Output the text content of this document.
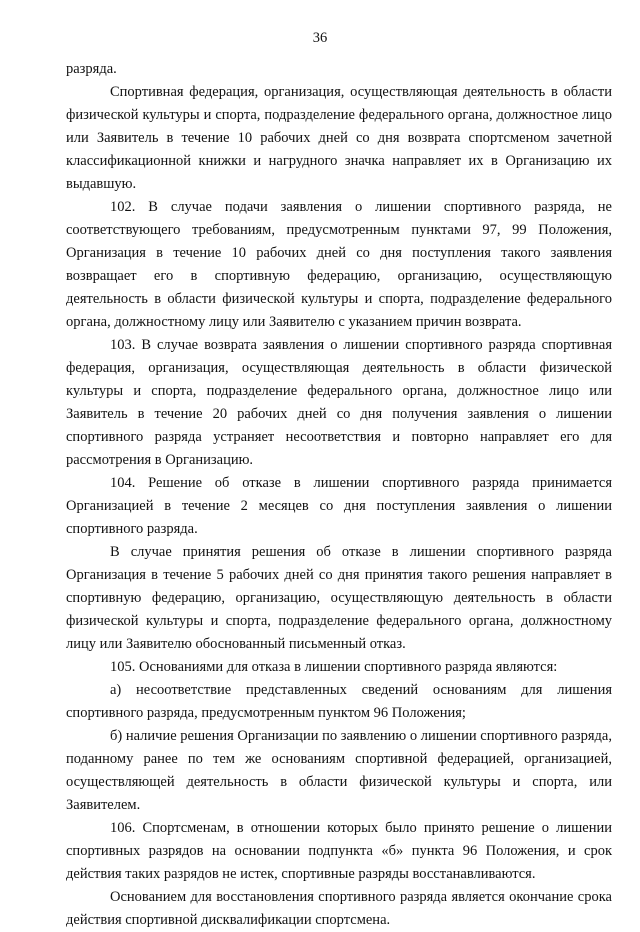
36

разряда.

Спортивная федерация, организация, осуществляющая деятельность в области физической культуры и спорта, подразделение федерального органа, должностное лицо или Заявитель в течение 10 рабочих дней со дня возврата спортсменом зачетной классификационной книжки и нагрудного значка направляет их в Организацию их выдавшую.

102. В случае подачи заявления о лишении спортивного разряда, не соответствующего требованиям, предусмотренным пунктами 97, 99 Положения, Организация в течение 10 рабочих дней со дня поступления такого заявления возвращает его в спортивную федерацию, организацию, осуществляющую деятельность в области физической культуры и спорта, подразделение федерального органа, должностному лицу или Заявителю с указанием причин возврата.

103. В случае возврата заявления о лишении спортивного разряда спортивная федерация, организация, осуществляющая деятельность в области физической культуры и спорта, подразделение федерального органа, должностное лицо или Заявитель в течение 20 рабочих дней со дня получения заявления о лишении спортивного разряда устраняет несоответствия и повторно направляет его для рассмотрения в Организацию.

104. Решение об отказе в лишении спортивного разряда принимается Организацией в течение 2 месяцев со дня поступления заявления о лишении спортивного разряда.

В случае принятия решения об отказе в лишении спортивного разряда Организация в течение 5 рабочих дней со дня принятия такого решения направляет в спортивную федерацию, организацию, осуществляющую деятельность в области физической культуры и спорта, подразделение федерального органа, должностному лицу или Заявителю обоснованный письменный отказ.

105. Основаниями для отказа в лишении спортивного разряда являются:

а) несоответствие представленных сведений основаниям для лишения спортивного разряда, предусмотренным пунктом 96 Положения;

б) наличие решения Организации по заявлению о лишении спортивного разряда, поданному ранее по тем же основаниям спортивной федерацией, организацией, осуществляющей деятельность в области физической культуры и спорта, или Заявителем.

106. Спортсменам, в отношении которых было принято решение о лишении спортивных разрядов на основании подпункта «б» пункта 96 Положения, и срок действия таких разрядов не истек, спортивные разряды восстанавливаются.

Основанием для восстановления спортивного разряда является окончание срока действия спортивной дисквалификации спортсмена.
